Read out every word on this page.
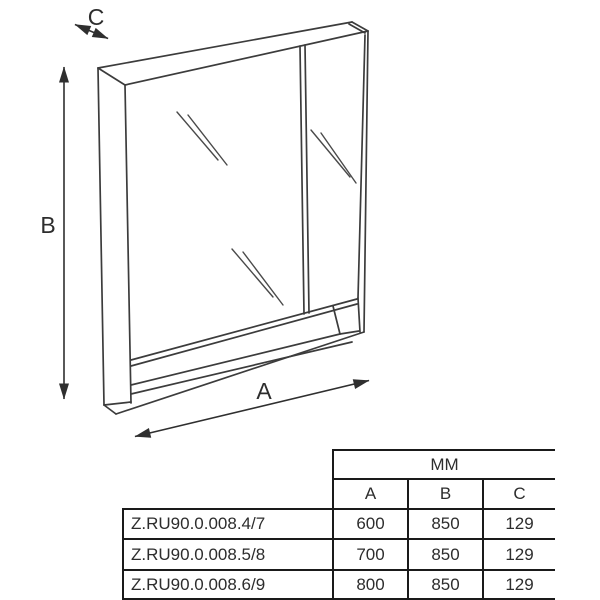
B
A
C
	MM		
	A	B	C
Z.RU90.0.008.4/7	600	850	129
Z.RU90.0.008.5/8	700	850	129
Z.RU90.0.008.6/9	800	850	129
